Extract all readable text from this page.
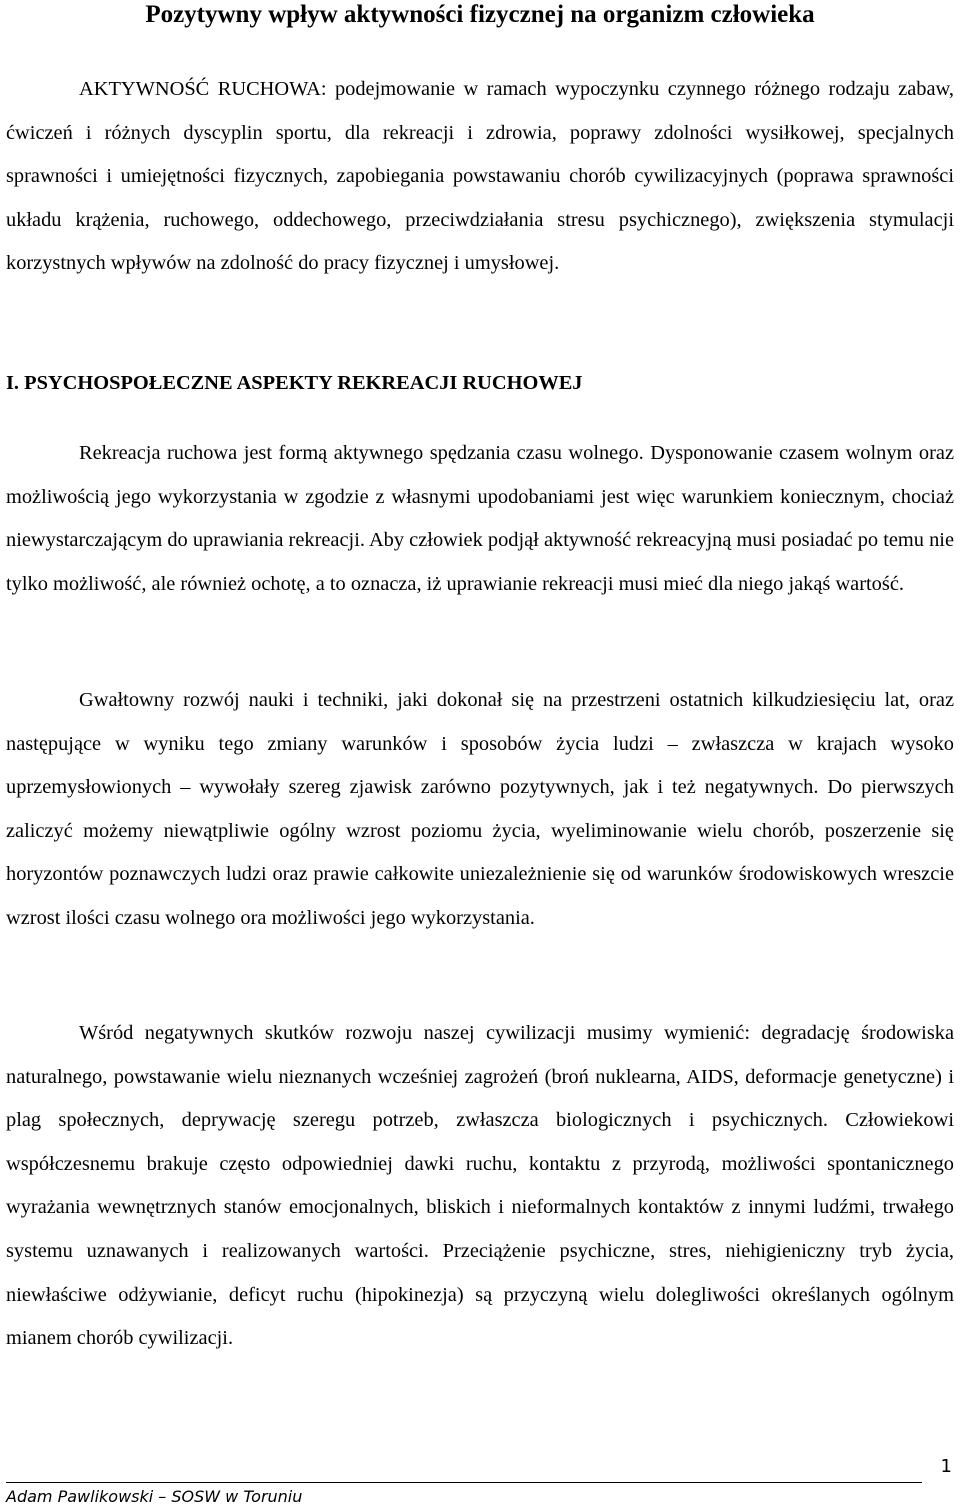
Pozytywny wpływ aktywności fizycznej na organizm człowieka

AKTYWNOŚĆ RUCHOWA: podejmowanie w ramach wypoczynku czynnego różnego rodzaju zabaw, ćwiczeń i różnych dyscyplin sportu, dla rekreacji i zdrowia, poprawy zdolności wysiłkowej, specjalnych sprawności i umiejętności fizycznych, zapobiegania powstawaniu chorób cywilizacyjnych (poprawa sprawności układu krążenia, ruchowego, oddechowego, przeciwdziałania stresu psychicznego), zwiększenia stymulacji korzystnych wpływów na zdolność do pracy fizycznej i umysłowej.

I. PSYCHOSPOŁECZNE ASPEKTY REKREACJI RUCHOWEJ

Rekreacja ruchowa jest formą aktywnego spędzania czasu wolnego. Dysponowanie czasem wolnym oraz możliwością jego wykorzystania w zgodzie z własnymi upodobaniami jest więc warunkiem koniecznym, chociaż niewystarczającym do uprawiania rekreacji. Aby człowiek podjął aktywność rekreacyjną musi posiadać po temu nie tylko możliwość, ale również ochotę, a to oznacza, iż uprawianie rekreacji musi mieć dla niego jakąś wartość.

Gwałtowny rozwój nauki i techniki, jaki dokonał się na przestrzeni ostatnich kilkudziesięciu lat, oraz następujące w wyniku tego zmiany warunków i sposobów życia ludzi – zwłaszcza w krajach wysoko uprzemysłowionych – wywołały szereg zjawisk zarówno pozytywnych, jak i też negatywnych. Do pierwszych zaliczyć możemy niewątpliwie ogólny wzrost poziomu życia, wyeliminowanie wielu chorób, poszerzenie się horyzontów poznawczych ludzi oraz prawie całkowite uniezależnienie się od warunków środowiskowych wreszcie wzrost ilości czasu wolnego ora możliwości jego wykorzystania.

Wśród negatywnych skutków rozwoju naszej cywilizacji musimy wymienić: degradację środowiska naturalnego, powstawanie wielu nieznanych wcześniej zagrożeń (broń nuklearna, AIDS, deformacje genetyczne) i plag społecznych, deprywację szeregu potrzeb, zwłaszcza biologicznych i psychicznych. Człowiekowi współczesnemu brakuje często odpowiedniej dawki ruchu, kontaktu z przyrodą, możliwości spontanicznego wyrażania wewnętrznych stanów emocjonalnych, bliskich i nieformalnych kontaktów z innymi ludźmi, trwałego systemu uznawanych i realizowanych wartości. Przeciążenie psychiczne, stres, niehigieniczny tryb życia, niewłaściwe odżywianie, deficyt ruchu (hipokinezja) są przyczyną wielu dolegliwości określanych ogólnym mianem chorób cywilizacji.

1

Adam Pawlikowski – SOSW w Toruniu
